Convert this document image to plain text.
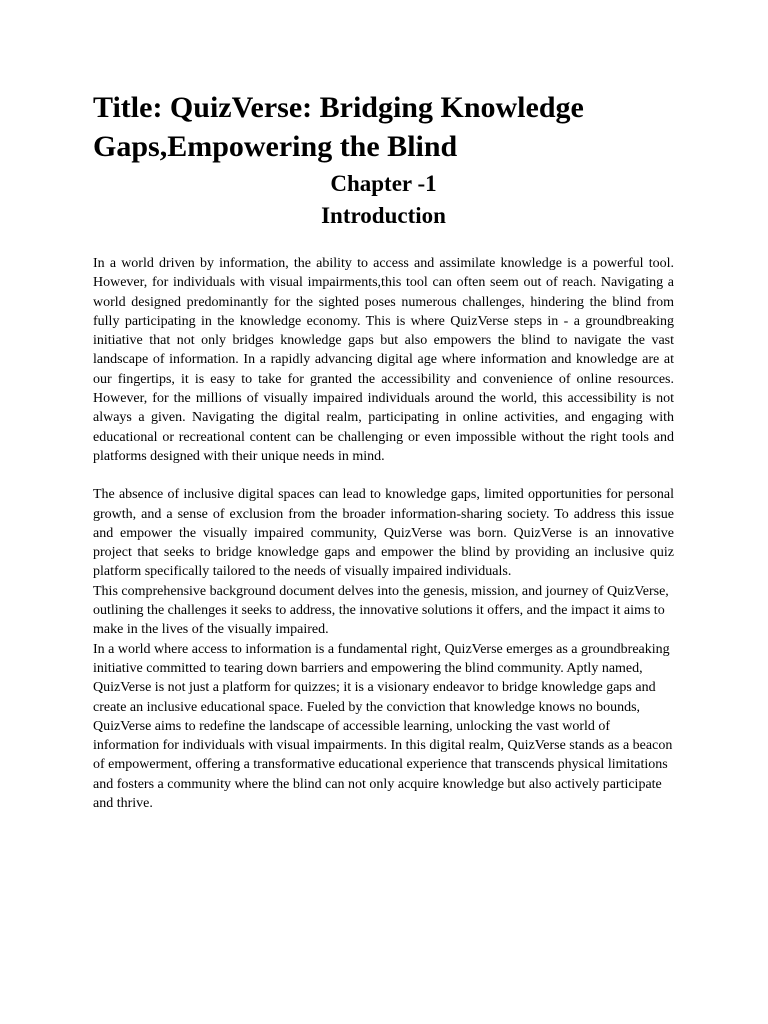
Title: QuizVerse: Bridging Knowledge Gaps,Empowering the Blind
Chapter -1
Introduction

In a world driven by information, the ability to access and assimilate knowledge is a powerful tool. However, for individuals with visual impairments,this tool can often seem out of reach. Navigating a world designed predominantly for the sighted poses numerous challenges, hindering the blind from fully participating in the knowledge economy. This is where QuizVerse steps in - a groundbreaking initiative that not only bridges knowledge gaps but also empowers the blind to navigate the vast landscape of information. In a rapidly advancing digital age where information and knowledge are at our fingertips, it is easy to take for granted the accessibility and convenience of online resources. However, for the millions of visually impaired individuals around the world, this accessibility is not always a given. Navigating the digital realm, participating in online activities, and engaging with educational or recreational content can be challenging or even impossible without the right tools and platforms designed with their unique needs in mind.

The absence of inclusive digital spaces can lead to knowledge gaps, limited opportunities for personal growth, and a sense of exclusion from the broader information-sharing society. To address this issue and empower the visually impaired community, QuizVerse was born. QuizVerse is an innovative project that seeks to bridge knowledge gaps and empower the blind by providing an inclusive quiz platform specifically tailored to the needs of visually impaired individuals.

This comprehensive background document delves into the genesis, mission, and journey of QuizVerse, outlining the challenges it seeks to address, the innovative solutions it offers, and the impact it aims to make in the lives of the visually impaired.

In a world where access to information is a fundamental right, QuizVerse emerges as a groundbreaking initiative committed to tearing down barriers and empowering the blind community. Aptly named, QuizVerse is not just a platform for quizzes; it is a visionary endeavor to bridge knowledge gaps and create an inclusive educational space. Fueled by the conviction that knowledge knows no bounds, QuizVerse aims to redefine the landscape of accessible learning, unlocking the vast world of information for individuals with visual impairments. In this digital realm, QuizVerse stands as a beacon of empowerment, offering a transformative educational experience that transcends physical limitations and fosters a community where the blind can not only acquire knowledge but also actively participate and thrive.
